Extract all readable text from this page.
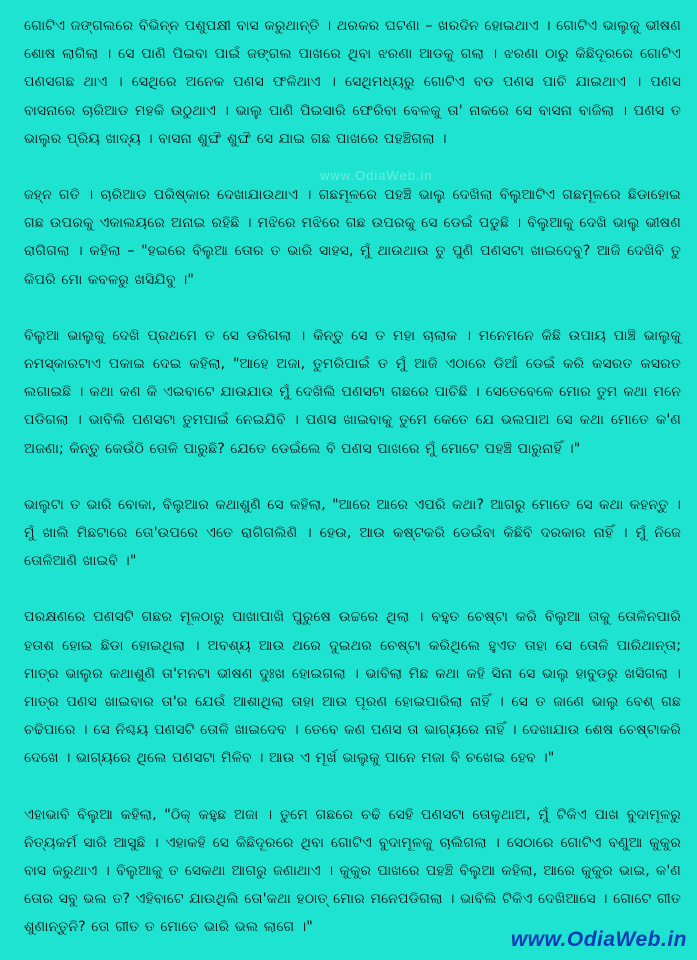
ଗୋଟିଏ ଜଙ୍ଗଲରେ ବିଭିନ୍ନ ପଶୁପକ୍ଷୀ ବାସ କରୁଥାନ୍ତି । ଥରକର ଘଟଣା – ଖରଦିନ ହୋଇଥାଏ । ଗୋଟିଏ ଭାଲୁକୁ ଭୀଷଣ ଶୋଷ ଲାଗିଲା । ସେ ପାଣି ପିଇବା ପାଇଁ ଜଙ୍ଗଲ ପାଖରେ ଥିବା ଝରଣା ଆଡକୁ ଗଲା । ଝରଣା ଠାରୁ କିଛିଦୂରରେ ଗୋଟିଏ ପଣସଗଛ ଥାଏ । ସେଥିରେ ଅନେକ ପଣସ ଫଳିଥାଏ । ସେଥିମଧ୍ୟରୁ ଗୋଟିଏ ବଡ ପଣସ ପାଚି ଯାଇଥାଏ । ପଣସ ବାସନାରେ ଚାରିଆଡ ମହକି ଉଠୁଥାଏ । ଭାଲୁ ପାଣି ପିଇସାରି ଫେରିବା ବେଳକୁ ତା' ନାକରେ ସେ ବାସନା ବାଜିଲା । ପଣସ ତ ଭାଲୁର ପ୍ରିୟ ଖାଦ୍ୟ । ବାସନା ଶୁଙ୍ଘି ଶୁଙ୍ଘି ସେ ଯାଇ ଗଛ ପାଖରେ ପହଞ୍ଚିଗଲା ।

ଜହ୍ନ ଗତି । ଚାରିଆଡ ପରିଷ୍କାର ଦେଖାଯାଉଥାଏ । ଗଛମୂଳରେ ପହଞ୍ଚି ଭାଲୁ ଦେଖିଲା ବିଲୁଆଟିଏ ଗଛମୂଳରେ ଛିଡାହୋଇ ଗଛ ଉପରକୁ ଏକାଲୟରେ ଅନାଇ ରହିଛି । ମଝିରେ ମଝିରେ ଗଛ ଉପରକୁ ସେ ଡେଇଁ ପଡୁଛି । ବିଲୁଆକୁ ଦେଖି ଭାଲୁ ଭୀଷଣ ରାଗିଗଲା । କହିଲା – "ହଇରେ ବିଲୁଆ ତୋର ତ ଭାରି ସାହସ, ମୁଁ ଥାଉଥାଉ ତୁ ପୁଣି ପଣସଟା ଖାଇଦେବୁ? ଆଜି ଦେଖିବି ତୁ କିପରି ମୋ କବଳରୁ ଖସିଯିବୁ ।"

ବିଲୁଆ ଭାଲୁକୁ ଦେଖି ପ୍ରଥମେ ତ ସେ ଡରିଗଲା । କିନ୍ତୁ ସେ ତ ମହା ଚାଲାକ । ମନେମନେ କିଛି ଉପାୟ ପାଞ୍ଚି ଭାଲୁକୁ ନମସ୍କାରଟାଏ ପକାଇ ଦେଇ କହିଲା, "ଆହେ ଅଜା, ତୁମରିପାଇଁ ତ ମୁଁ ଆଜି ଏଠାରେ ଡିଆଁ ଡେଇଁ କରି କସରତ କସରତ ଲଗାଇଛି । କଥା କଣ କି ଏଇବାଟେ ଯାଉଯାଉ ମୁଁ ଦେଖିଲି ପଣସଟା ଗଛରେ ପାଚିଛି । ସେତେବେଳେ ମୋର ତୁମ କଥା ମନେ ପଡିଗଲା । ଭାବିଲି ପଣସଟା ତୁମପାଇଁ ନେଇଯିବି । ପଣସ ଖାଇବାକୁ ତୁମେ କେତେ ଯେ ଭଲପାଅ ସେ କଥା ମୋତେ କ'ଣ ଅଜଣା; କିନ୍ତୁ କେଉଁଠି ତୋଳି ପାରୁଛି? ଯେତେ ଡେଇଁଲେ ବି ପଣସ ପାଖରେ ମୁଁ ମୋଟେ ପହଞ୍ଚି ପାରୁନାହିଁ ।"

ଭାଲୁଟା ତ ଭାରି ବୋକା, ବିଲୁଆର କଥାଶୁଣି ସେ କହିଲା, "ଆରେ ଆରେ ଏପରି କଥା? ଆଗରୁ ମୋତେ ସେ କଥା କହନ୍ତୁ । ମୁଁ ଖାଲି ମିଛଟାରେ ତୋ'ଉପରେ ଏତେ ରାଗିଗଲିଣି । ହେଉ, ଆଉ କଷ୍ଟକରି ଡେଇଁବା କିଛିବି ଦରକାର ନାହିଁ । ମୁଁ ନିଜେ ତୋଳିଆଣି ଖାଇବି ।"

ପରକ୍ଷଣରେ ପଣସଟି ଗଛର ମୂଳଠାରୁ ପାଖାପାଖି ପୁରୁଷେ ଉଚ୍ଚରେ ଥିଲା । ବହୁତ ଚେଷ୍ଟା କରି ବିଲୁଆ ତାକୁ ତୋଳିନପାରି ହତାଶ ହୋଇ ଛିଡା ହୋଇଥିଲା । ଅବଶ୍ୟ ଆଉ ଥରେ ଦୁଇଥର ଚେଷ୍ଟା କରିଥିଲେ ହୁଏତ ତାହା ସେ ତୋଳି ପାରିଥାନ୍ତା; ମାତ୍ର ଭାଲୁର କଥାଶୁଣି ତା'ମନଟା ଭୀଷଣ ଦୁଃଖ ହୋଇଗଲା । ଭାବିଲା ମିଛ କଥା କହି ସିନା ସେ ଭାଲୁ ହାବୁଡରୁ ଖସିଗଲା । ମାତ୍ର ପଣସ ଖାଇବାର ତା'ର ଯେଉଁ ଆଶାଥିଲା ତାହା ଆଉ ପୂରଣ ହୋଇପାରିଲା ନାହିଁ । ସେ ତ ଜାଣେ ଭାଲୁ ବେଶ୍ ଗଛ ଚଢିପାରେ । ସେ ନିଶ୍ଚୟ ପଣସଟି ତୋଳି ଖାଇଦେବ । ତେବେ କଣ ପଣସ ତା ଭାଗ୍ୟରେ ନାହିଁ । ଦେଖାଯାଉ ଶେଷ ଚେଷ୍ଟାକରି ଦେଖେ । ଭାଗ୍ୟରେ ଥିଲେ ପଣସଟା ମିଳିବ । ଆଉ ଏ ମୂର୍ଖ ଭାଲୁକୁ ପାନେ ମଜା ବି ଚଖେଇ ହେବ ।"

ଏହାଭାବି ବିଲୁଆ କହିଲା, "ଠିକ୍ କହୁଛ ଅଜା । ତୁମେ ଗଛରେ ଚଢି ସେହି ପଣସଟା ତୋଳୁଥାଅ, ମୁଁ ଟିକିଏ ପାଖ ବୁଦାମୂଳରୁ ନିତ୍ୟକର୍ମ ସାରି ଆସୁଛି । ଏହାକହି ସେ କିଛିଦୂରରେ ଥିବା ଗୋଟିଏ ବୁଦାମୂଳକୁ ଚାଲିଗଲା । ସେଠାରେ ଗୋଟିଏ ବଣୁଆ କୁକୁର ବାସ କରୁଥାଏ । ବିଲୁଆକୁ ତ ସେକଥା ଆଗରୁ ଜଣାଥାଏ । କୁକୁର ପାଖରେ ପହଞ୍ଚି ବିଲୁଆ କହିଲା, ଆରେ କୁକୁର ଭାଇ, କ'ଣ ତୋର ସବୁ ଭଲ ତ? ଏହିବାଟେ ଯାଉଥିଲି ତୋ'କଥା ହଠାତ୍ ମୋର ମନେପଡିଗଲା । ଭାବିଲି ଟିକିଏ ଦେଖିଆସେ । ଗୋଟେ ଗୀତ ଶୁଣାନ୍ତୁନି? ତୋ ଗୀତ ତ ମୋତେ ଭାରି ଭଲ ଲାଗେ ।"

www.OdiaWeb.in
www.OdiaWeb.in
